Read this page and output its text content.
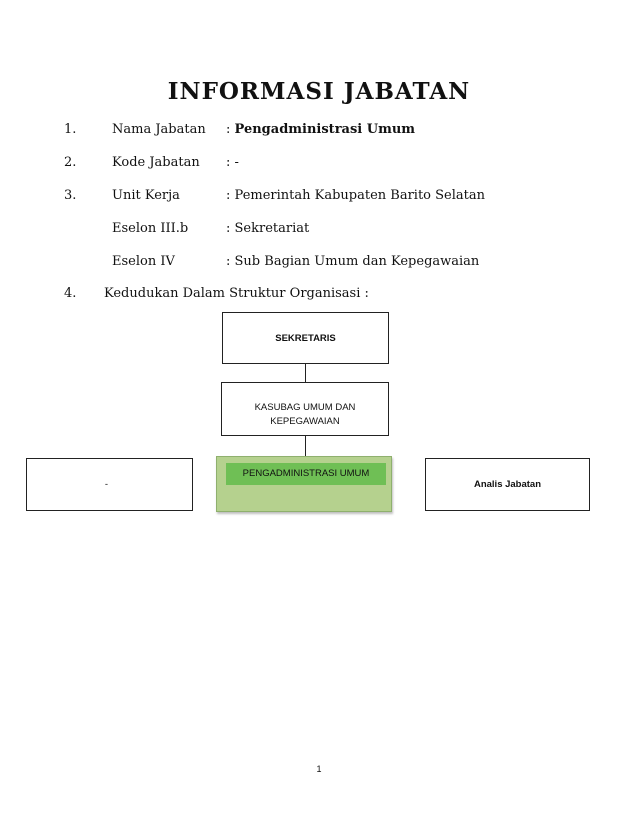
INFORMASI JABATAN
1.	Nama Jabatan : Pengadministrasi Umum
2.	Kode Jabatan : -
3.	Unit Kerja	: Pemerintah Kabupaten Barito Selatan
Eselon III.b	: Sekretariat
Eselon IV	: Sub Bagian Umum dan Kepegawaian
4. Kedudukan Dalam Struktur Organisasi :
SEKRETARIS
KASUBAG UMUM DAN
KEPEGAWAIAN
-
PENGADMINISTRASI UMUM
Analis Jabatan
1
